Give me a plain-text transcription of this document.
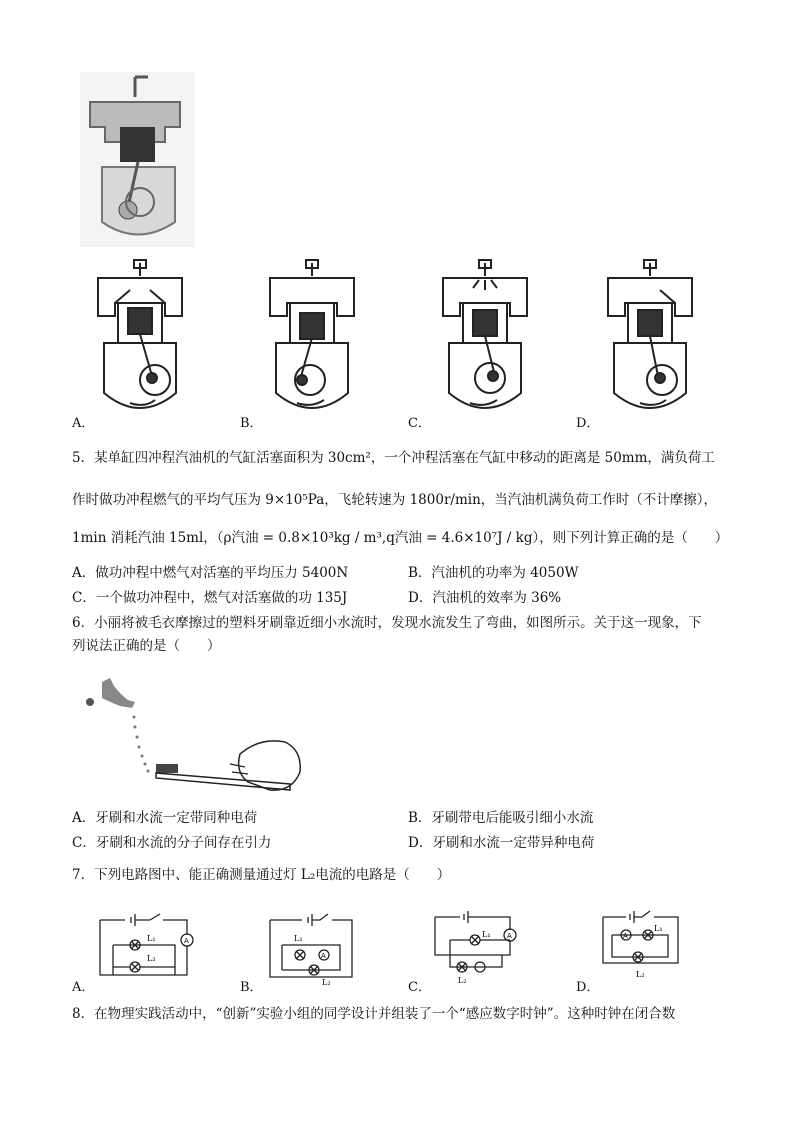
A．	B．	C．	D．
5．某单缸四冲程汽油机的气缸活塞面积为 30cm²，一个冲程活塞在气缸中移动的距离是 50mm，满负荷工
作时做功冲程燃气的平均气压为 9×10⁵Pa，飞轮转速为 1800r/min，当汽油机满负荷工作时（不计摩擦），
1min 消耗汽油 15ml，（ρ汽油 = 0.8×10³kg / m³,q汽油 = 4.6×10⁷J / kg），则下列计算正确的是（　　）
A．做功冲程中燃气对活塞的平均压力 5400N	B．汽油机的功率为 4050W
C．一个做功冲程中，燃气对活塞做的功 135J	D．汽油机的效率为 36%
6．小丽将被毛衣摩擦过的塑料牙刷靠近细小水流时，发现水流发生了弯曲，如图所示。关于这一现象，下
列说法正确的是（　　）
A．牙刷和水流一定带同种电荷	B．牙刷带电后能吸引细小水流
C．牙刷和水流的分子间存在引力	D．牙刷和水流一定带异种电荷
7．下列电路图中、能正确测量通过灯 L₂电流的电路是（　　）
A
L₂
L₁
A．
L₁
L₂
A
B．
A
L₁
L₂
C．
A
L₁
L₂
D．
8．在物理实践活动中，“创新”实验小组的同学设计并组装了一个“感应数字时钟”。这种时钟在闭合数
